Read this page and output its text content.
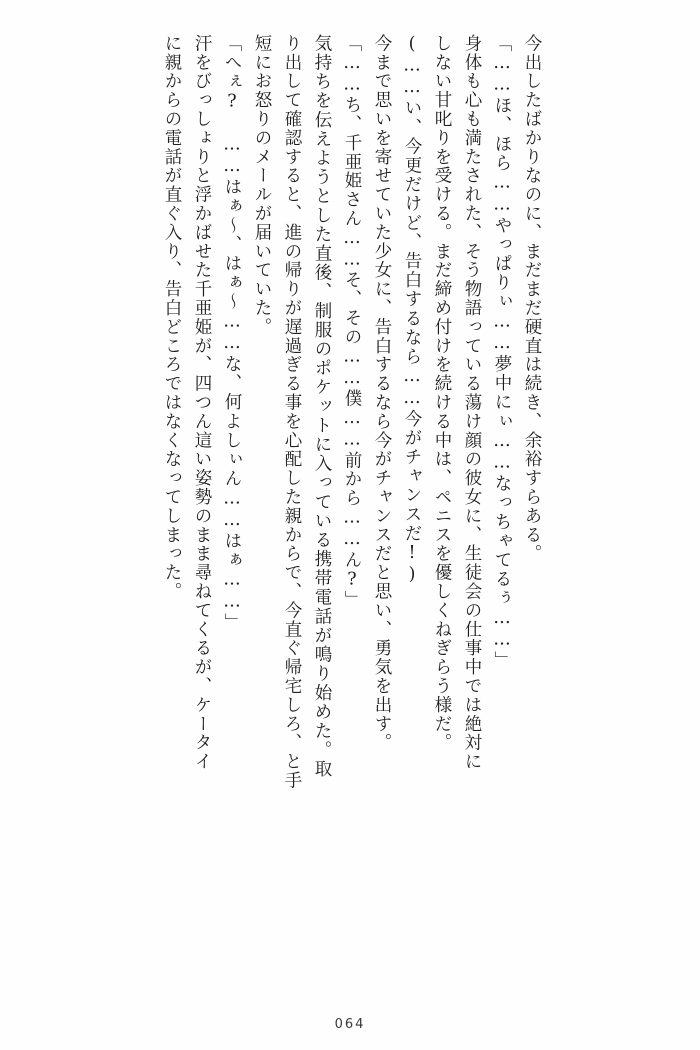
に親からの電話が直ぐ入り、告白どころではなくなってしまった。 汗をびっしょりと浮かばせた千亜姫が、四つん這い姿勢のまま尋ねてくるが、ケータイ 「へぇ? ……はぁ〜、はぁ〜……な、何よしぃん……はぁ……」 短にお怒りのメールが届いていた。 り出して確認すると、進の帰りが遅過ぎる事を心配した親からで、今直ぐ帰宅しろ、と手 気持ちを伝えようとした直後、制服のポケットに入っている携帯電話が鳴り始めた。取 「……ち、千亜姫さん……そ、その……僕……前から……ん?」 今まで思いを寄せていた少女に、告白するなら今がチャンスだと思い、勇気を出す。 (……い、今更だけど、告白するなら……今がチャンスだ!) しない甘叱りを受ける。まだ締め付けを続ける中は、ペニスを優しくねぎらう様だ。 身体も心も満たされた、そう物語っている蕩け顔の彼女に、生徒会の仕事中では絶対に 「……ほ、ほら……やっぱりぃ……夢中にぃ……なっちゃてるぅ……」 今出したばかりなのに、まだまだ硬直は続き、余裕すらある。
064
